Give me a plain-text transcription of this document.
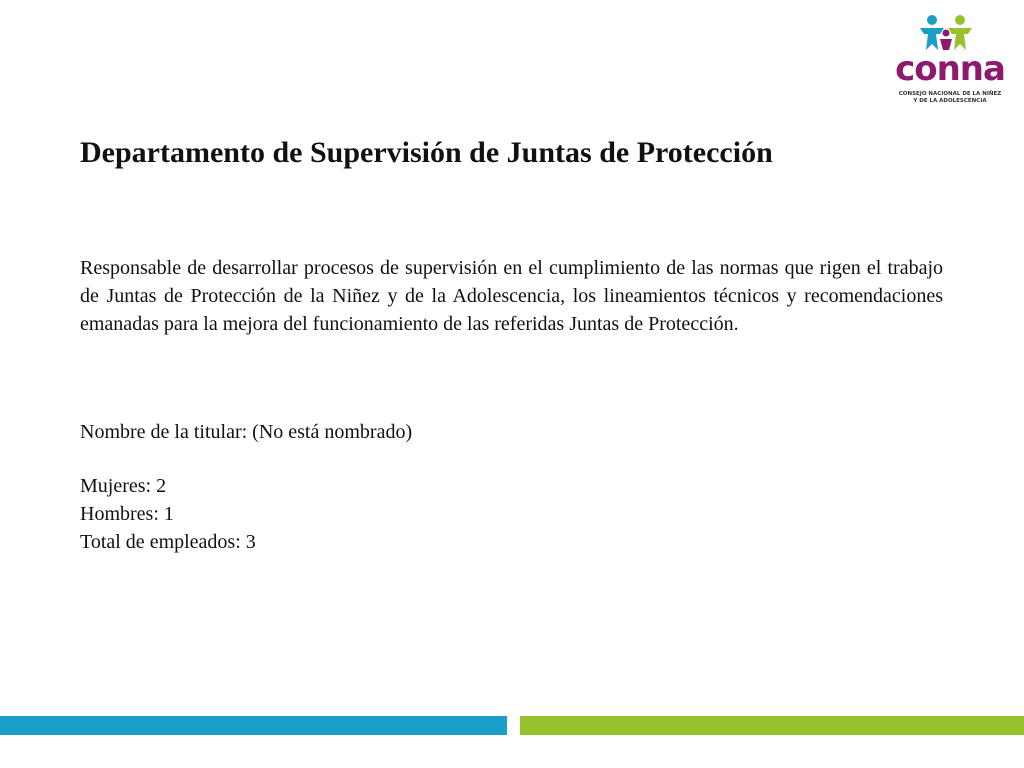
conna
CONSEJO NACIONAL DE LA NIÑEZ
Y DE LA ADOLESCENCIA
Departamento de Supervisión de Juntas de Protección

Responsable de desarrollar procesos de supervisión en el cumplimiento de las normas que rigen el trabajo de Juntas de Protección de la Niñez y de la Adolescencia, los lineamientos técnicos y recomendaciones emanadas para la mejora del funcionamiento de las referidas Juntas de Protección.

Nombre de la titular: (No está nombrado)

Mujeres: 2

Hombres: 1

Total de empleados: 3
